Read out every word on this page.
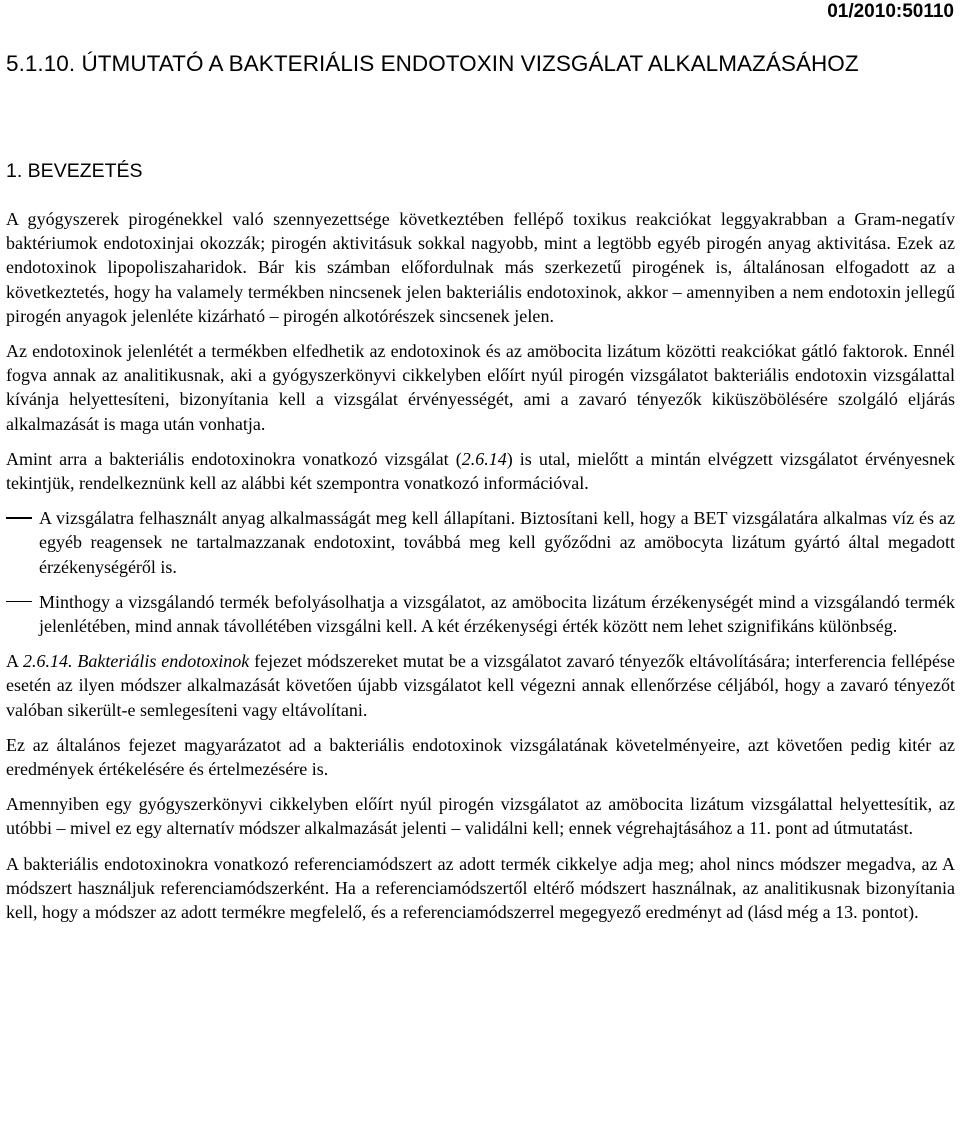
01/2010:50110
5.1.10. ÚTMUTATÓ A BAKTERIÁLIS ENDOTOXIN VIZSGÁLAT ALKALMAZÁSÁHOZ
1. BEVEZETÉS

A gyógyszerek pirogénekkel való szennyezettsége következtében fellépő toxikus reakciókat leggyakrabban a Gram-negatív baktériumok endotoxinjai okozzák; pirogén aktivitásuk sokkal nagyobb, mint a legtöbb egyéb pirogén anyag aktivitása. Ezek az endotoxinok lipopoliszaharidok. Bár kis számban előfordulnak más szerkezetű pirogének is, általánosan elfogadott az a következtetés, hogy ha valamely termékben nincsenek jelen bakteriális endotoxinok, akkor – amennyiben a nem endotoxin jellegű pirogén anyagok jelenléte kizárható – pirogén alkotórészek sincsenek jelen.

Az endotoxinok jelenlétét a termékben elfedhetik az endotoxinok és az amöbocita lizátum közötti reakciókat gátló faktorok. Ennél fogva annak az analitikusnak, aki a gyógyszerkönyvi cikkelyben előírt nyúl pirogén vizsgálatot bakteriális endotoxin vizsgálattal kívánja helyettesíteni, bizonyítania kell a vizsgálat érvényességét, ami a zavaró tényezők kiküszöbölésére szolgáló eljárás alkalmazását is maga után vonhatja.

Amint arra a bakteriális endotoxinokra vonatkozó vizsgálat (2.6.14) is utal, mielőtt a mintán elvégzett vizsgálatot érvényesnek tekintjük, rendelkeznünk kell az alábbi két szempontra vonatkozó információval.

A vizsgálatra felhasznált anyag alkalmasságát meg kell állapítani. Biztosítani kell, hogy a BET vizsgálatára alkalmas víz és az egyéb reagensek ne tartalmazzanak endotoxint, továbbá meg kell győződni az amöbocyta lizátum gyártó által megadott érzékenységéről is.
Minthogy a vizsgálandó termék befolyásolhatja a vizsgálatot, az amöbocita lizátum érzékenységét mind a vizsgálandó termék jelenlétében, mind annak távollétében vizsgálni kell. A két érzékenységi érték között nem lehet szignifikáns különbség.

A 2.6.14. Bakteriális endotoxinok fejezet módszereket mutat be a vizsgálatot zavaró tényezők eltávolítására; interferencia fellépése esetén az ilyen módszer alkalmazását követően újabb vizsgálatot kell végezni annak ellenőrzése céljából, hogy a zavaró tényezőt valóban sikerült-e semlegesíteni vagy eltávolítani.

Ez az általános fejezet magyarázatot ad a bakteriális endotoxinok vizsgálatának követelményeire, azt követően pedig kitér az eredmények értékelésére és értelmezésére is.

Amennyiben egy gyógyszerkönyvi cikkelyben előírt nyúl pirogén vizsgálatot az amöbocita lizátum vizsgálattal helyettesítik, az utóbbi – mivel ez egy alternatív módszer alkalmazását jelenti – validálni kell; ennek végrehajtásához a 11. pont ad útmutatást.

A bakteriális endotoxinokra vonatkozó referenciamódszert az adott termék cikkelye adja meg; ahol nincs módszer megadva, az A módszert használjuk referenciamódszerként. Ha a referenciamódszertől eltérő módszert használnak, az analitikusnak bizonyítania kell, hogy a módszer az adott termékre megfelelő, és a referenciamódszerrel megegyező eredményt ad (lásd még a 13. pontot).
